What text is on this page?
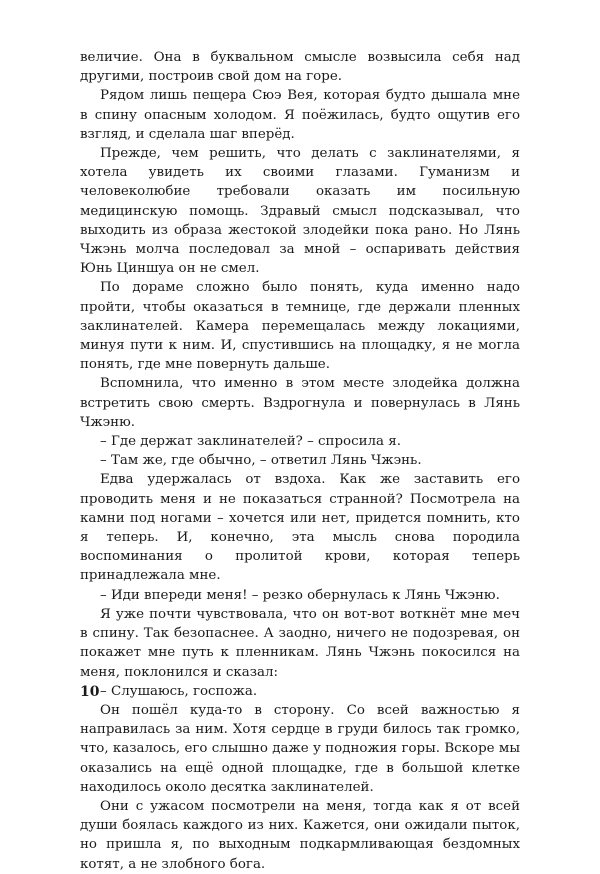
величие. Она в буквальном смысле возвысила себя над другими, построив свой дом на горе.

Рядом лишь пещера Сюэ Вея, которая будто дышала мне в спину опасным холодом. Я поёжилась, будто ощутив его взгляд, и сделала шаг вперёд.

Прежде, чем решить, что делать с заклинателями, я хотела увидеть их своими глазами. Гуманизм и человеколюбие требовали оказать им посильную медицинскую помощь. Здравый смысл подсказывал, что выходить из образа жестокой злодейки пока рано. Но Лянь Чжэнь молча последовал за мной – оспаривать действия Юнь Циншуа он не смел.

По дораме сложно было понять, куда именно надо пройти, чтобы оказаться в темнице, где держали пленных заклинателей. Камера перемещалась между локациями, минуя пути к ним. И, спустившись на площадку, я не могла понять, где мне повернуть дальше.

Вспомнила, что именно в этом месте злодейка должна встретить свою смерть. Вздрогнула и повернулась в Лянь Чжэню.

– Где держат заклинателей? – спросила я.

– Там же, где обычно, – ответил Лянь Чжэнь.

Едва удержалась от вздоха. Как же заставить его проводить меня и не показаться странной? Посмотрела на камни под ногами – хочется или нет, придется помнить, кто я теперь. И, конечно, эта мысль снова породила воспоминания о пролитой крови, которая теперь принадлежала мне.

– Иди впереди меня! – резко обернулась к Лянь Чжэню.

Я уже почти чувствовала, что он вот-вот воткнёт мне меч в спину. Так безопаснее. А заодно, ничего не подозревая, он покажет мне путь к пленникам. Лянь Чжэнь покосился на меня, поклонился и сказал:

– Слушаюсь, госпожа.

Он пошёл куда-то в сторону. Со всей важностью я направилась за ним. Хотя сердце в груди билось так громко, что, казалось, его слышно даже у подножия горы. Вскоре мы оказались на ещё одной площадке, где в большой клетке находилось около десятка заклинателей.

Они с ужасом посмотрели на меня, тогда как я от всей души боялась каждого из них. Кажется, они ожидали пыток, но пришла я, по выходным подкармливающая бездомных котят, а не злобного бога.

10
